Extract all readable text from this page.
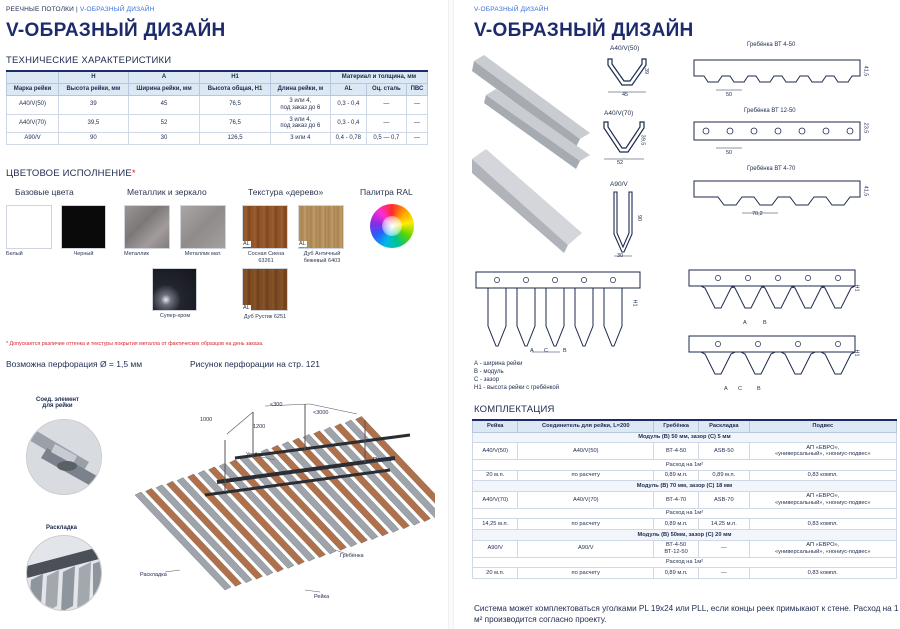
РЕЕЧНЫЕ ПОТОЛКИ | V-ОБРАЗНЫЙ ДИЗАЙН
V-ОБРАЗНЫЙ ДИЗАЙН
ТЕХНИЧЕСКИЕ ХАРАКТЕРИСТИКИ
	H	A	H1		Материал и толщина, мм		
Марка рейки	Высота рейки, мм	Ширина рейки, мм	Высота общая, Н1	Длина рейки, м	AL	Оц. сталь	ПВС
A40/V(50)	39	45	76,5	3 или 4,
под заказ до 6	0,3 - 0,4	—	—
A40/V(70)	39,5	52	76,5	3 или 4,
под заказ до 6	0,3 - 0,4	—	—
A90/V	90	30	126,5	3 или 4	0,4 - 0,78	0,5 — 0,7	—
ЦВЕТОВОЕ ИСПОЛНЕНИЕ*
Базовые цвета	Металлик и зеркало	Текстура «дерево»	Палитра RAL
Белый	Черный	Металлик	Металлик мат.
Супер-хром
AL
Сосная Сиена 63261
AL
Дуб Античный бежевый 6403
AL
Дуб Рустик 6251
* Допускается различие оттенка и текстуры покрытия металла от фактических образцов на день заказа.
Возможна перфорация Ø = 1,5 мм	Рисунок перфорации на стр. 121
Соед. элемент
для рейки
Раскладка
1200
<300
<3000
1000
Уголок
Подвес
Гребёнка
Раскладка
Рейка
V-ОБРАЗНЫЙ ДИЗАЙН
V-ОБРАЗНЫЙ ДИЗАЙН
A40/V(50)
45
39
A40/V(70)
52
39,5
A90/V
30
90
Гребёнка ВТ 4-50
50
41,5
Гребёнка ВТ 12-50
50
23,5
Гребёнка ВТ 4-70
70,2
41,5
H1
A C	B
H1
A	B
H1
A C	B
А - ширина рейки
В - модуль
С - зазор
Н1 - высота рейки с гребёнкой
КОМПЛЕКТАЦИЯ
Рейка	Соединитель для рейки, L=200	Гребёнка	Раскладка	Подвес
Модуль (В) 50 мм, зазор (С) 5 мм				
A40/V(50)	A40/V(50)	ВТ-4-50	ASB-50	АП «ЕВРО»,
«универсальный», «нониус-подвес»
Расход на 1м²				
20 м.п.	по расчету	0,89 м.п.	0,89 м.п.	0,83 компл.
Модуль (В) 70 мм, зазор (С) 18 мм				
A40/V(70)	A40/V(70)	ВТ-4-70	ASB-70	АП «ЕВРО»,
«универсальный», «нониус-подвес»
Расход на 1м²				
14,25 м.п.	по расчету	0,89 м.п.	14,25 м.п.	0,83 компл.
Модуль (В) 50мм, зазор (С) 20 мм				
A90/V	A90/V	ВТ-4-50
ВТ-12-50	—	АП «ЕВРО»,
«универсальный», «нониус-подвес»
Расход на 1м²				
20 м.п.	по расчету	0,89 м.п.	—	0,83 компл.
Система может комплектоваться уголками PL 19х24 или PLL, если концы реек примыкают к стене. Расход на 1 м² производится согласно проекту.
